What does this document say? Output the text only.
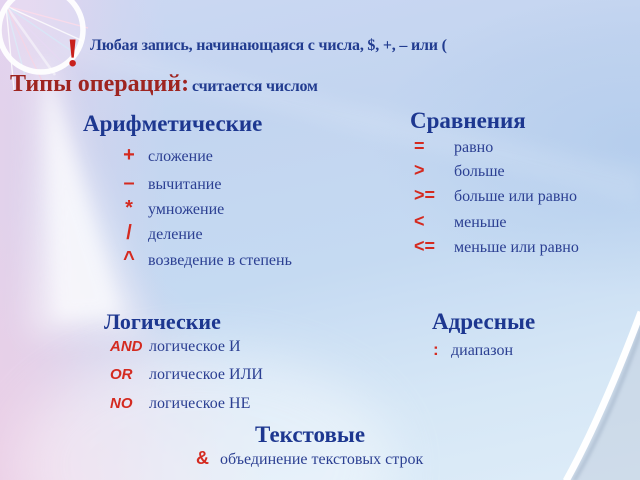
! Любая запись, начинающаяся с числа, $, +, – или (
Типы операций: считается числом
Арифметические
+ сложение
– вычитание
* умножение
/	деление
^ возведение в степень
Сравнения
=	равно
>	больше
>=	больше или равно
<	меньше
<=	меньше или равно
Логические
AND логическое И
OR	логическое ИЛИ
NO	логическое НЕ
Адресные
: диапазон
Текстовые
& объединение текстовых строк
